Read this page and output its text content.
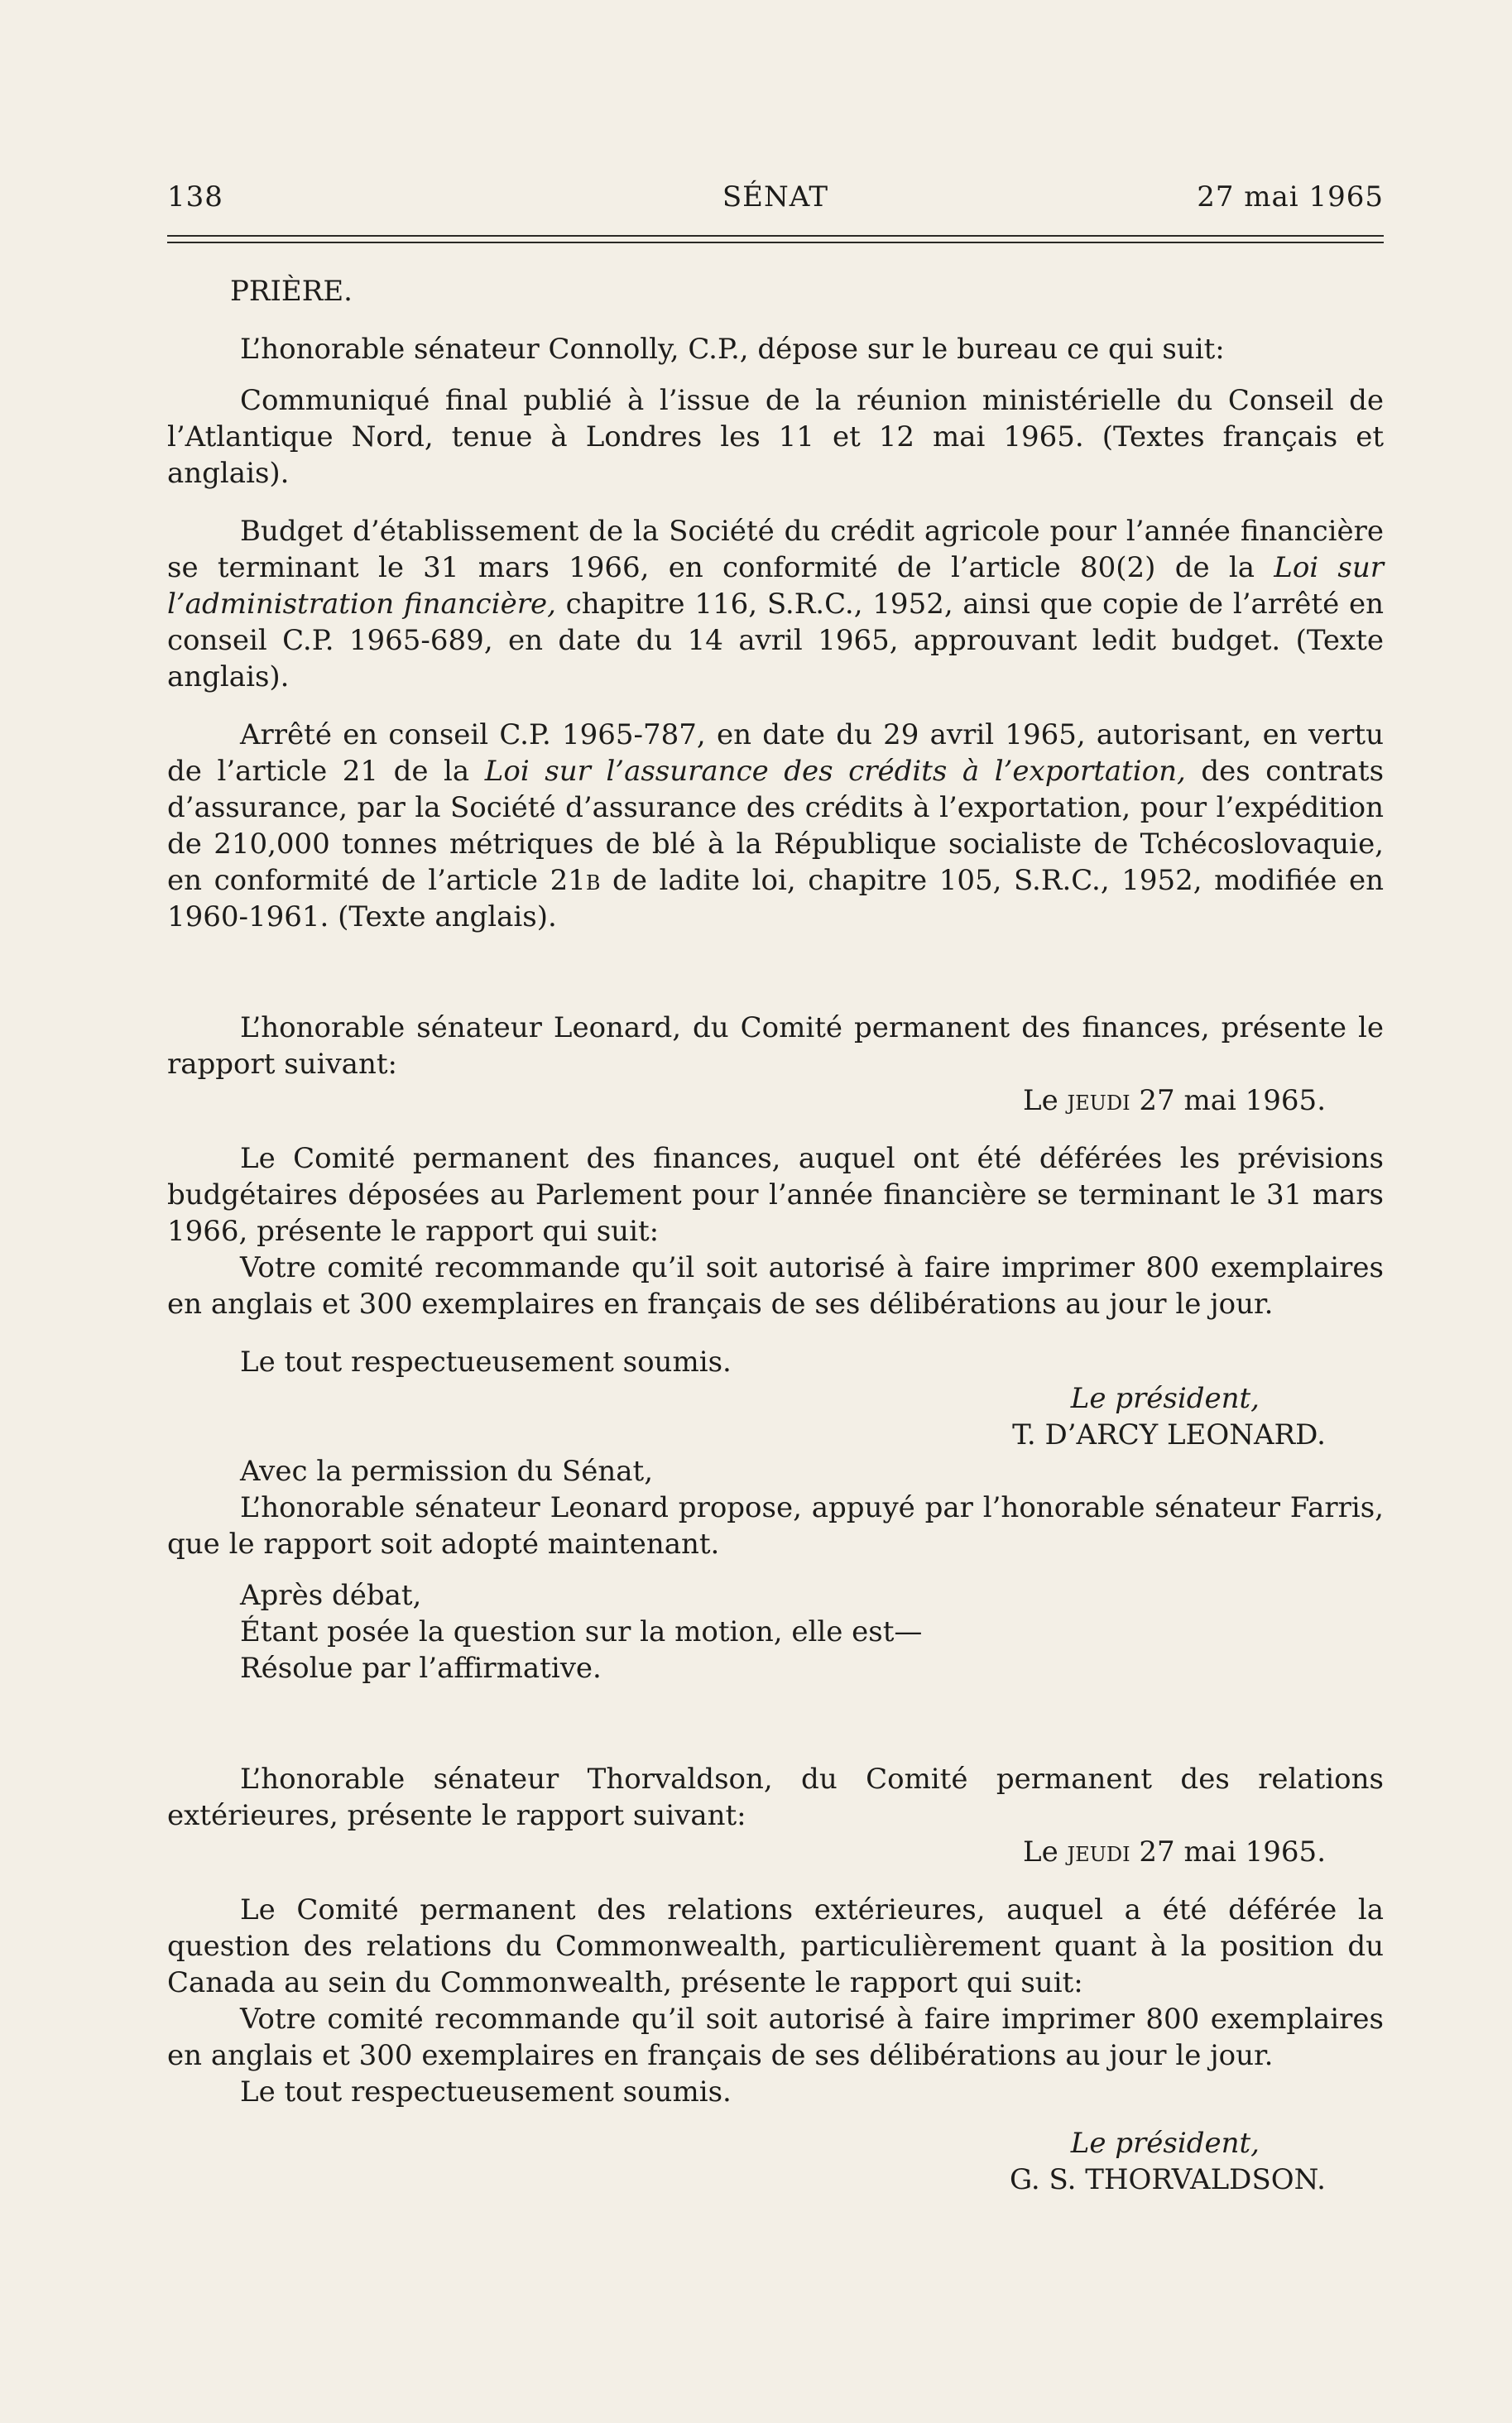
138	SÉNAT	27 mai 1965

PRIÈRE.

L’honorable sénateur Connolly, C.P., dépose sur le bureau ce qui suit:

Communiqué final publié à l’issue de la réunion ministérielle du Conseil de l’Atlantique Nord, tenue à Londres les 11 et 12 mai 1965. (Textes français et anglais).

Budget d’établissement de la Société du crédit agricole pour l’année financière se terminant le 31 mars 1966, en conformité de l’article 80(2) de la Loi sur l’administration financière, chapitre 116, S.R.C., 1952, ainsi que copie de l’arrêté en conseil C.P. 1965-689, en date du 14 avril 1965, approuvant ledit budget. (Texte anglais).

Arrêté en conseil C.P. 1965-787, en date du 29 avril 1965, autorisant, en vertu de l’article 21 de la Loi sur l’assurance des crédits à l’exportation, des contrats d’assurance, par la Société d’assurance des crédits à l’exportation, pour l’expédition de 210,000 tonnes métriques de blé à la République socialiste de Tchécoslovaquie, en conformité de l’article 21b de ladite loi, chapitre 105, S.R.C., 1952, modifiée en 1960-1961. (Texte anglais).

L’honorable sénateur Leonard, du Comité permanent des finances, présente le rapport suivant:

Le jeudi 27 mai 1965.

Le Comité permanent des finances, auquel ont été déférées les prévisions budgétaires déposées au Parlement pour l’année financière se terminant le 31 mars 1966, présente le rapport qui suit:

Votre comité recommande qu’il soit autorisé à faire imprimer 800 exemplaires en anglais et 300 exemplaires en français de ses délibérations au jour le jour.

Le tout respectueusement soumis.

Le président,

T. D’ARCY LEONARD.

Avec la permission du Sénat,

L’honorable sénateur Leonard propose, appuyé par l’honorable sénateur Farris, que le rapport soit adopté maintenant.

Après débat,

Étant posée la question sur la motion, elle est—

Résolue par l’affirmative.

L’honorable sénateur Thorvaldson, du Comité permanent des relations extérieures, présente le rapport suivant:

Le jeudi 27 mai 1965.

Le Comité permanent des relations extérieures, auquel a été déférée la question des relations du Commonwealth, particulièrement quant à la position du Canada au sein du Commonwealth, présente le rapport qui suit:

Votre comité recommande qu’il soit autorisé à faire imprimer 800 exemplaires en anglais et 300 exemplaires en français de ses délibérations au jour le jour.

Le tout respectueusement soumis.

Le président,

G. S. THORVALDSON.
